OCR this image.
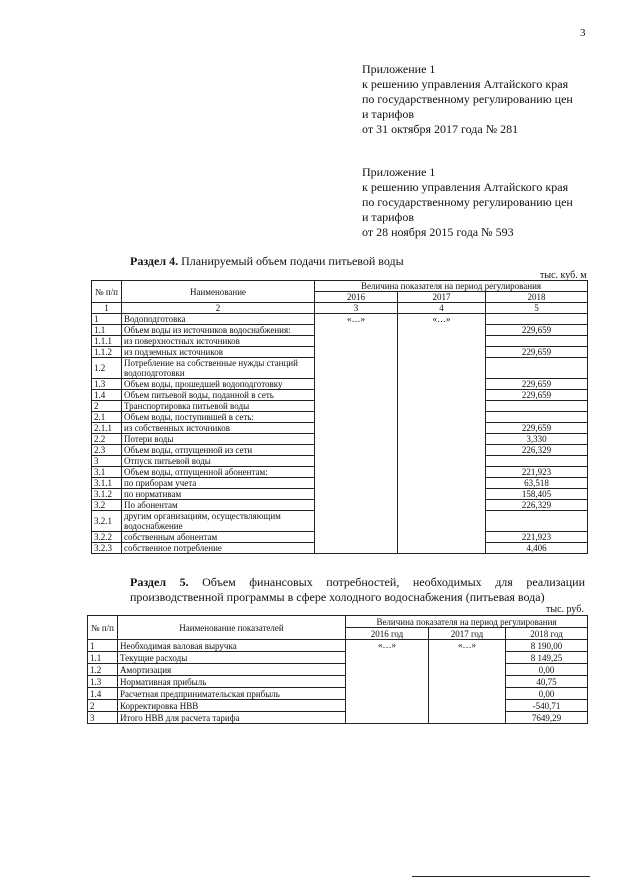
3
Приложение 1
к решению управления Алтайского края
по государственному регулированию цен
и тарифов
от 31 октября 2017 года № 281
Приложение 1
к решению управления Алтайского края
по государственному регулированию цен
и тарифов
от 28 ноября 2015 года № 593
Раздел 4. Планируемый объем подачи питьевой воды
тыс. куб. м
№ п/п	Наименование	Величина показателя на период регулирования		
		2016	2017	2018
1	2	3	4	5
1	Водоподготовка	«…»	«…»	
1.1	Объем воды из источников водоснабжения:			229,659
1.1.1	из поверхностных источников			
1.1.2	из подземных источников			229,659
1.2	Потребление на собственные нужды станций водоподготовки			
1.3	Объем воды, прошедшей водоподготовку			229,659
1.4	Объем питьевой воды, поданной в сеть			229,659
2	Транспортировка питьевой воды			
2.1	Объем воды, поступившей в сеть:			
2.1.1	из собственных источников			229,659
2.2	Потери воды			3,330
2.3	Объем воды, отпущенной из сети			226,329
3	Отпуск питьевой воды			
3.1	Объем воды, отпущенной абонентам:			221,923
3.1.1	по приборам учета			63,518
3.1.2	по нормативам			158,405
3.2	По абонентам			226,329
3.2.1	другим организациям, осуществляющим водоснабжение			
3.2.2	собственным абонентам			221,923
3.2.3	собственное потребление			4,406
Раздел 5. Объем финансовых потребностей, необходимых для реализации производственной программы в сфере холодного водоснабжения (питьевая вода)
тыс. руб.
№ п/п	Наименование показателей	Величина показателя на период регулирования		
		2016 год	2017 год	2018 год
1	Необходимая валовая выручка	«…»	«…»	8 190,00
1.1	Текущие расходы			8 149,25
1.2	Амортизация			0,00
1.3	Нормативная прибыль			40,75
1.4	Расчетная предпринимательская прибыль			0,00
2	Корректировка НВВ			-540,71
3	Итого НВВ для расчета тарифа			7649,29
